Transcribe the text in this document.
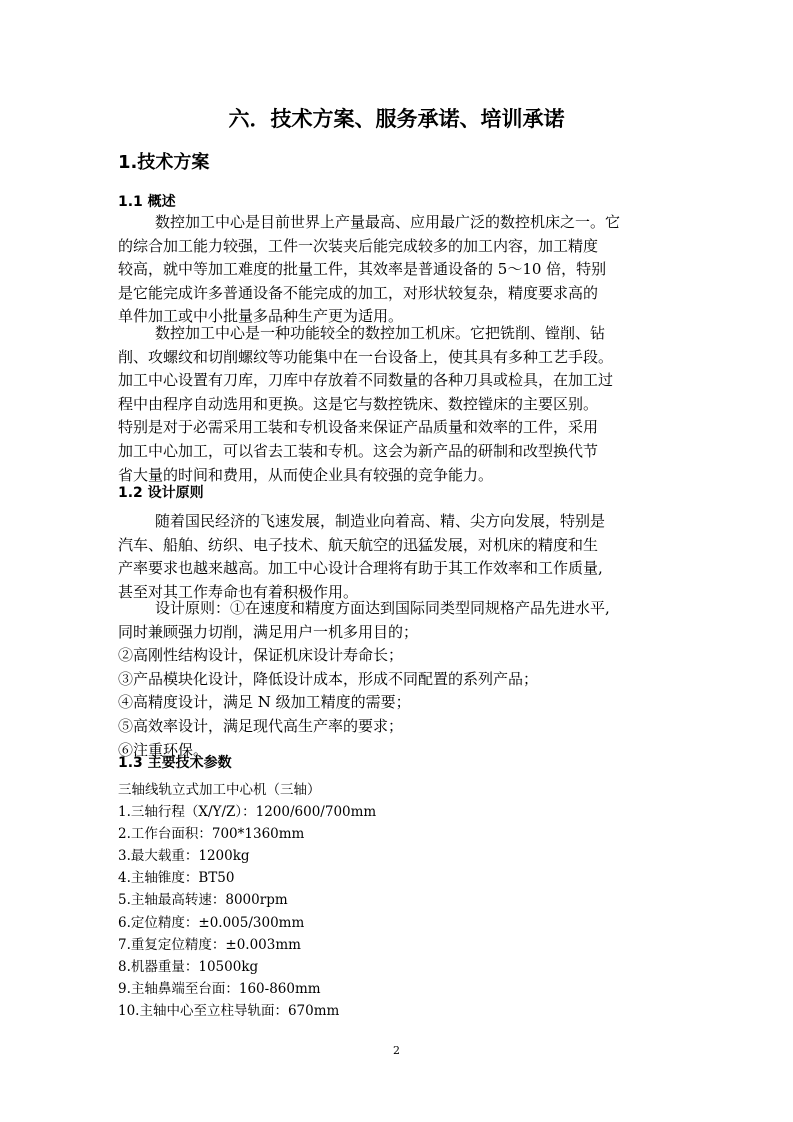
六．技术方案、服务承诺、培训承诺
1.技术方案
1.1 概述
数控加工中心是目前世界上产量最高、应用最广泛的数控机床之一。它
的综合加工能力较强，工件一次装夹后能完成较多的加工内容，加工精度
较高，就中等加工难度的批量工件，其效率是普通设备的 5～10 倍，特别
是它能完成许多普通设备不能完成的加工，对形状较复杂，精度要求高的
单件加工或中小批量多品种生产更为适用。
数控加工中心是一种功能较全的数控加工机床。它把铣削、镗削、钻
削、攻螺纹和切削螺纹等功能集中在一台设备上，使其具有多种工艺手段。
加工中心设置有刀库，刀库中存放着不同数量的各种刀具或检具，在加工过
程中由程序自动选用和更换。这是它与数控铣床、数控镗床的主要区别。
特别是对于必需采用工装和专机设备来保证产品质量和效率的工件，采用
加工中心加工，可以省去工装和专机。这会为新产品的研制和改型换代节
省大量的时间和费用，从而使企业具有较强的竞争能力。
1.2 设计原则
随着国民经济的飞速发展，制造业向着高、精、尖方向发展，特别是
汽车、船舶、纺织、电子技术、航天航空的迅猛发展，对机床的精度和生
产率要求也越来越高。加工中心设计合理将有助于其工作效率和工作质量,
甚至对其工作寿命也有着积极作用。
设计原则：①在速度和精度方面达到国际同类型同规格产品先进水平,
同时兼顾强力切削，满足用户一机多用目的；
②高刚性结构设计，保证机床设计寿命长；
③产品模块化设计，降低设计成本，形成不同配置的系列产品；
④高精度设计，满足 N 级加工精度的需要；
⑤高效率设计，满足现代高生产率的要求；
⑥注重环保。
1.3 主要技术参数
三轴线轨立式加工中心机（三轴）
1.三轴行程（X/Y/Z）：1200/600/700mm
2.工作台面积：700*1360mm
3.最大载重：1200kg
4.主轴锥度：BT50
5.主轴最高转速：8000rpm
6.定位精度：±0.005/300mm
7.重复定位精度：±0.003mm
8.机器重量：10500kg
9.主轴鼻端至台面：160-860mm
10.主轴中心至立柱导轨面：670mm
2
